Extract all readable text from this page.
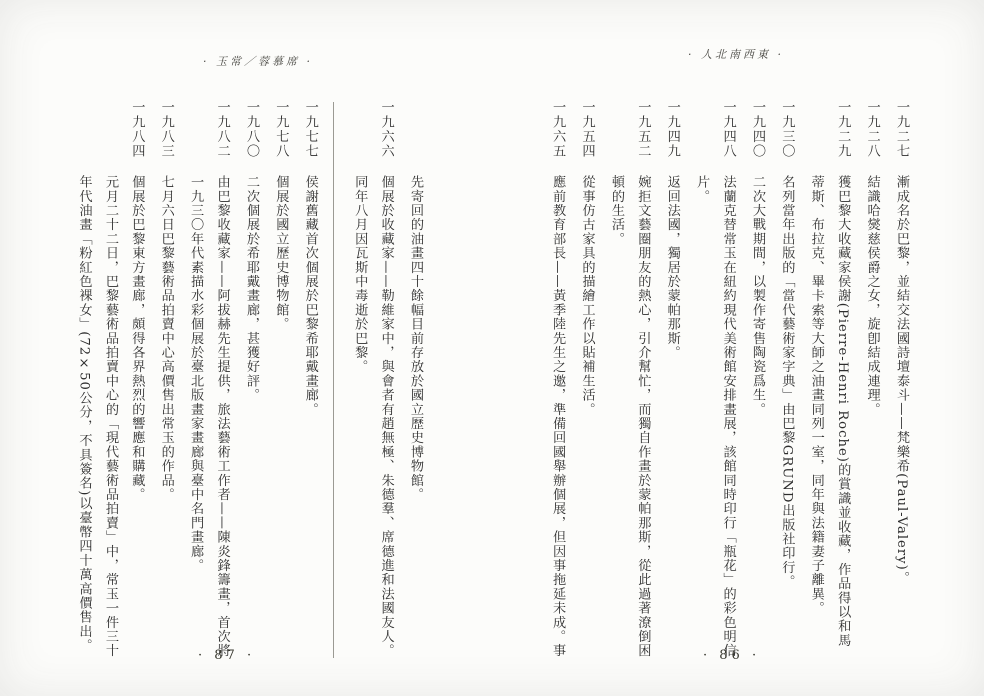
· 玉常／蓉慕席 ·
· 人北南西東 ·
一九二七
漸成名於巴黎，並結交法國詩壇泰斗——梵樂希(Paul-Valery)。
一九二八
結識哈爕慈侯爵之女，旋卽結成連理。
一九二九
獲巴黎大收藏家侯謝(Pierre-Henri Roche)的賞識並收藏，作品得以和馬蒂斯、布拉克、畢卡索等大師之油畫同列一室，同年與法籍妻子離異。
一九三〇
名列當年出版的「當代藝術家字典」由巴黎GRUND出版社印行。
一九四〇
二次大戰期間，以製作寄售陶瓷爲生。
一九四八
法蘭克替常玉在紐約現代美術館安排畫展，該館同時印行「瓶花」的彩色明信片。
一九四九
返回法國，獨居於蒙帕那斯。
一九五二
婉拒文藝圈朋友的熱心，引介幫忙，而獨自作畫於蒙帕那斯，從此過著潦倒困頓的生活。
一九五四
從事仿古家具的描繪工作以貼補生活。
一九六五
應前教育部長——黃季陸先生之邀，準備回國舉辦個展，但因事拖延未成。事
先寄回的油畫四十餘幅目前存放於國立歷史博物館。
一九六六
個展於收藏家——勒維家中，與會者有趙無極、朱德羣、席德進和法國友人。同年八月因瓦斯中毒逝於巴黎。
一九七七
侯謝舊藏首次個展於巴黎希耶戴畫廊。
一九七八
個展於國立歷史博物館。
一九八〇
二次個展於希耶戴畫廊，甚獲好評。
一九八二
由巴黎收藏家——阿拔赫先生提供，旅法藝術工作者——陳炎鋒籌畫，首次將一九三〇年代素描水彩個展於臺北版畫家畫廊與臺中名門畫廊。
一九八三
七月六日巴黎藝術品拍賣中心高價售出常玉的作品。
一九八四
個展於巴黎東方畫廊，頗得各界熱烈的響應和購藏。
元月二十二日，巴黎藝術品拍賣中心的「現代藝術品拍賣」中，常玉一件三十年代油畫「粉紅色裸女」(72×50公分，不具簽名)以臺幣四十萬高價售出。
· 87 ·	· 86 ·
